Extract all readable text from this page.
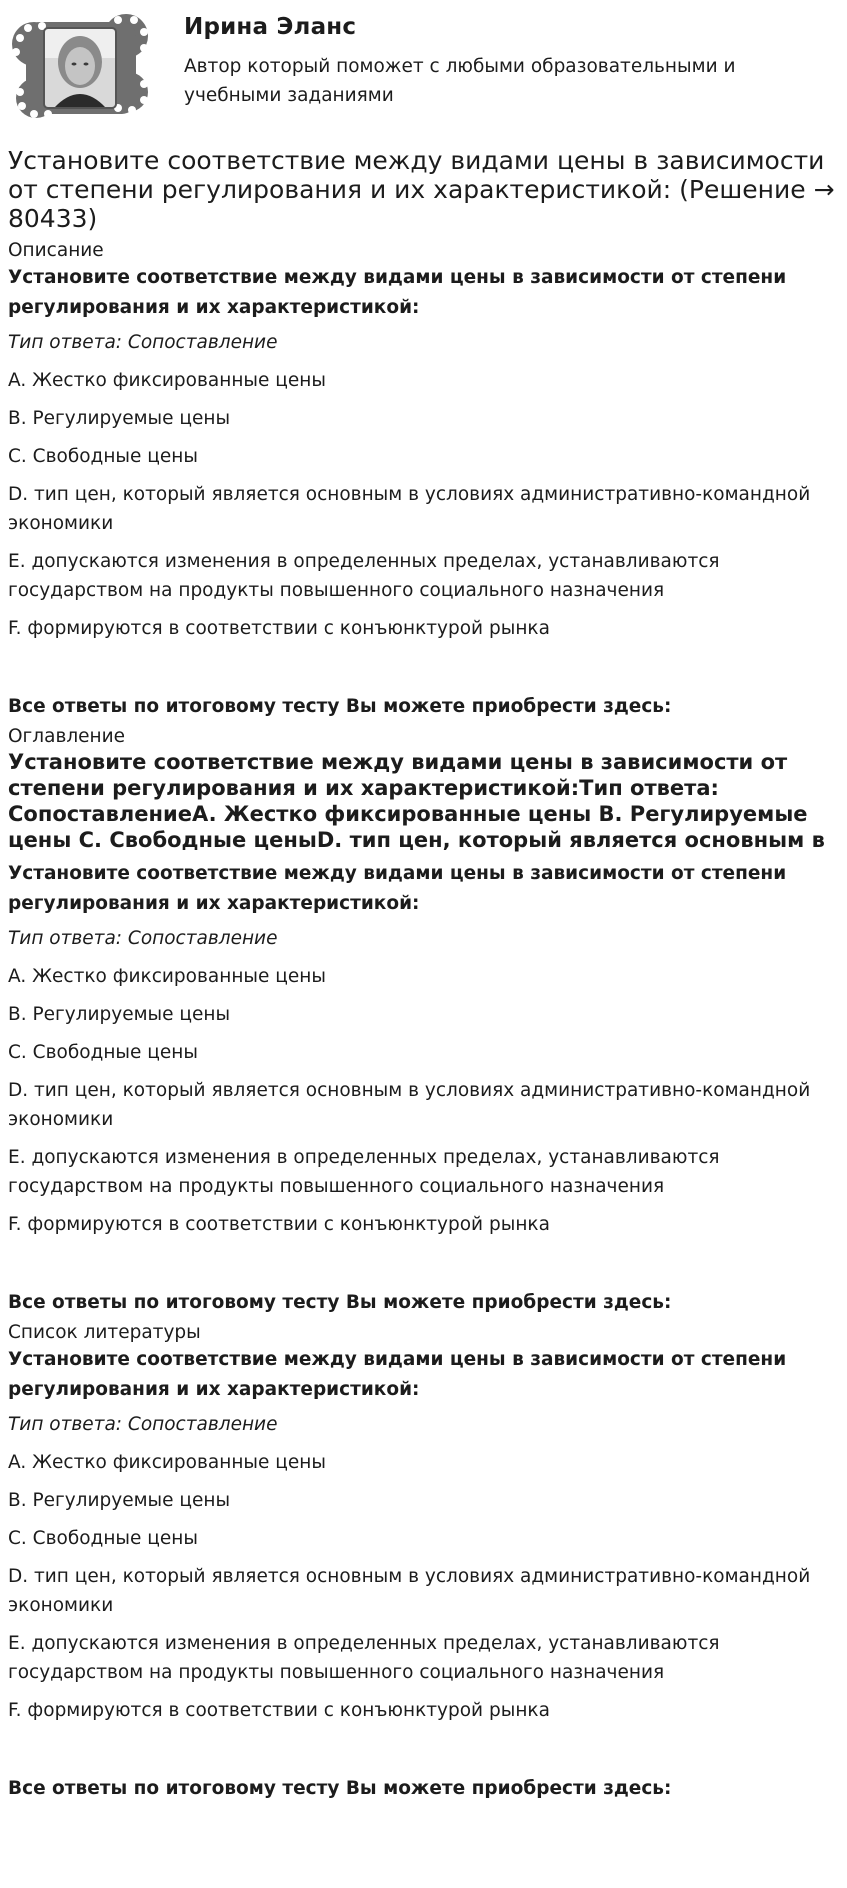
Ирина Эланс
Автор который поможет с любыми образовательными и учебными заданиями
Установите соответствие между видами цены в зависимости от степени регулирования и их характеристикой: (Решение → 80433)

Описание

Установите соответствие между видами цены в зависимости от степени регулирования и их характеристикой:

Тип ответа: Сопоставление

A. Жестко фиксированные цены

B. Регулируемые цены

C. Свободные цены

D. тип цен, который является основным в условиях административно-командной экономики

E. допускаются изменения в определенных пределах, устанавливаются государством на продукты повышенного социального назначения

F. формируются в соответствии с конъюнктурой рынка

Все ответы по итоговому тесту Вы можете приобрести здесь:

Оглавление

Установите соответствие между видами цены в зависимости от степени регулирования и их характеристикой:Тип ответа: СопоставлениеA. Жестко фиксированные цены B. Регулируемые цены C. Свободные ценыD. тип цен, который является основным в

Установите соответствие между видами цены в зависимости от степени регулирования и их характеристикой:

Тип ответа: Сопоставление

A. Жестко фиксированные цены

B. Регулируемые цены

C. Свободные цены

D. тип цен, который является основным в условиях административно-командной экономики

E. допускаются изменения в определенных пределах, устанавливаются государством на продукты повышенного социального назначения

F. формируются в соответствии с конъюнктурой рынка

Все ответы по итоговому тесту Вы можете приобрести здесь:

Список литературы

Установите соответствие между видами цены в зависимости от степени регулирования и их характеристикой:

Тип ответа: Сопоставление

A. Жестко фиксированные цены

B. Регулируемые цены

C. Свободные цены

D. тип цен, который является основным в условиях административно-командной экономики

E. допускаются изменения в определенных пределах, устанавливаются государством на продукты повышенного социального назначения

F. формируются в соответствии с конъюнктурой рынка

Все ответы по итоговому тесту Вы можете приобрести здесь:
